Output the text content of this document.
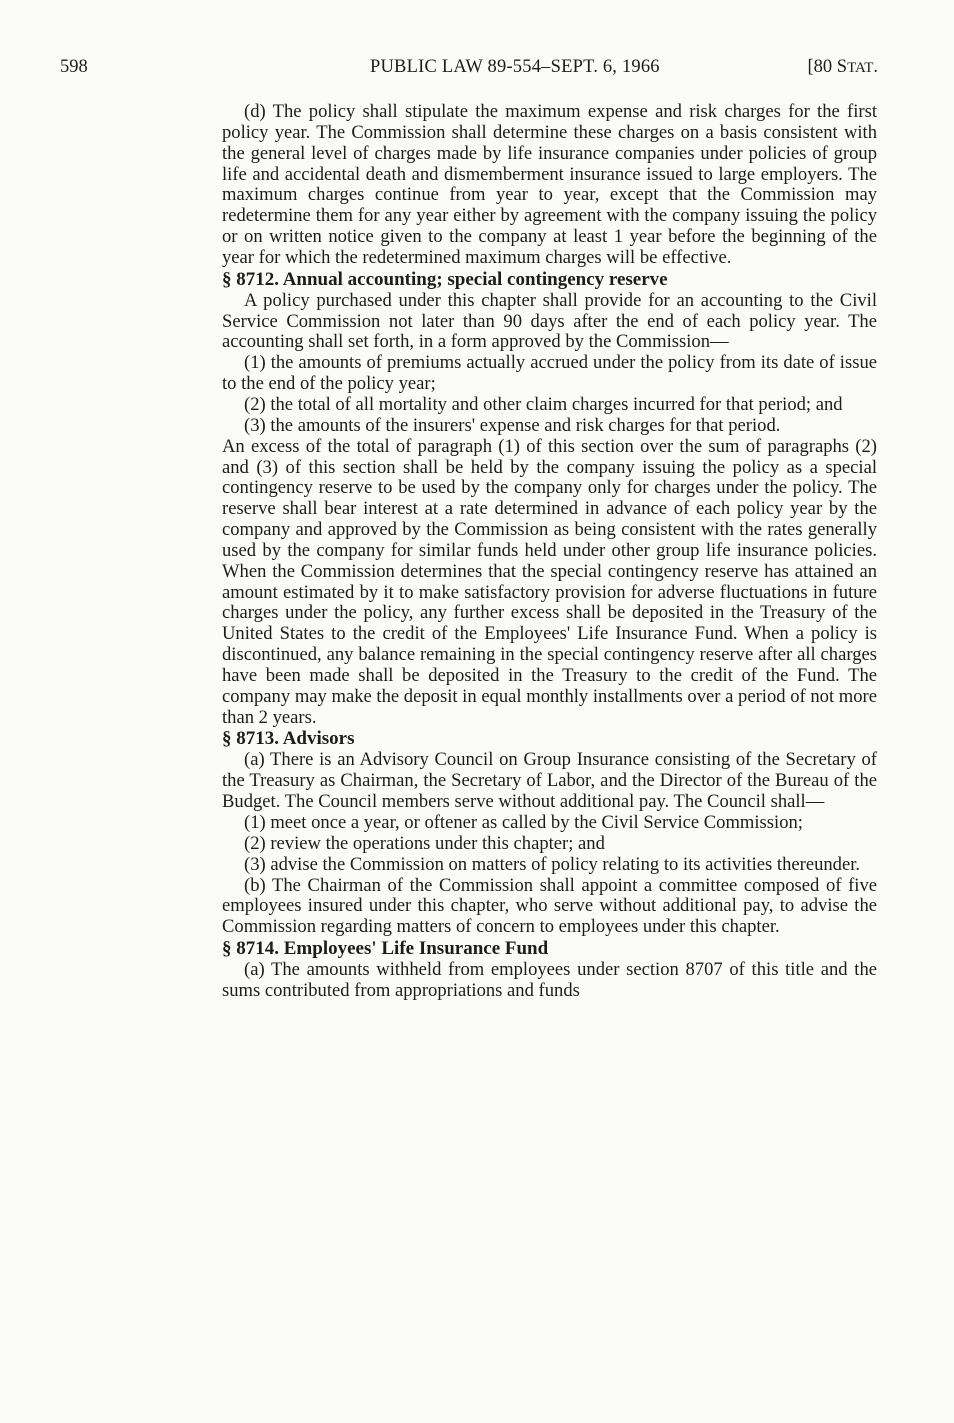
598	PUBLIC LAW 89-554–SEPT. 6, 1966	[80 STAT.

(d) The policy shall stipulate the maximum expense and risk charges for the first policy year. The Commission shall determine these charges on a basis consistent with the general level of charges made by life insurance companies under policies of group life and accidental death and dismemberment insurance issued to large employers. The maximum charges continue from year to year, except that the Commission may redetermine them for any year either by agreement with the company issuing the policy or on written notice given to the company at least 1 year before the beginning of the year for which the redetermined maximum charges will be effective.

§ 8712. Annual accounting; special contingency reserve

A policy purchased under this chapter shall provide for an accounting to the Civil Service Commission not later than 90 days after the end of each policy year. The accounting shall set forth, in a form approved by the Commission—

(1) the amounts of premiums actually accrued under the policy from its date of issue to the end of the policy year;

(2) the total of all mortality and other claim charges incurred for that period; and

(3) the amounts of the insurers' expense and risk charges for that period.

An excess of the total of paragraph (1) of this section over the sum of paragraphs (2) and (3) of this section shall be held by the company issuing the policy as a special contingency reserve to be used by the company only for charges under the policy. The reserve shall bear interest at a rate determined in advance of each policy year by the company and approved by the Commission as being consistent with the rates generally used by the company for similar funds held under other group life insurance policies. When the Commission determines that the special contingency reserve has attained an amount estimated by it to make satisfactory provision for adverse fluctuations in future charges under the policy, any further excess shall be deposited in the Treasury of the United States to the credit of the Employees' Life Insurance Fund. When a policy is discontinued, any balance remaining in the special contingency reserve after all charges have been made shall be deposited in the Treasury to the credit of the Fund. The company may make the deposit in equal monthly installments over a period of not more than 2 years.

§ 8713. Advisors

(a) There is an Advisory Council on Group Insurance consisting of the Secretary of the Treasury as Chairman, the Secretary of Labor, and the Director of the Bureau of the Budget. The Council members serve without additional pay. The Council shall—

(1) meet once a year, or oftener as called by the Civil Service Commission;

(2) review the operations under this chapter; and

(3) advise the Commission on matters of policy relating to its activities thereunder.

(b) The Chairman of the Commission shall appoint a committee composed of five employees insured under this chapter, who serve without additional pay, to advise the Commission regarding matters of concern to employees under this chapter.

§ 8714. Employees' Life Insurance Fund

(a) The amounts withheld from employees under section 8707 of this title and the sums contributed from appropriations and funds
